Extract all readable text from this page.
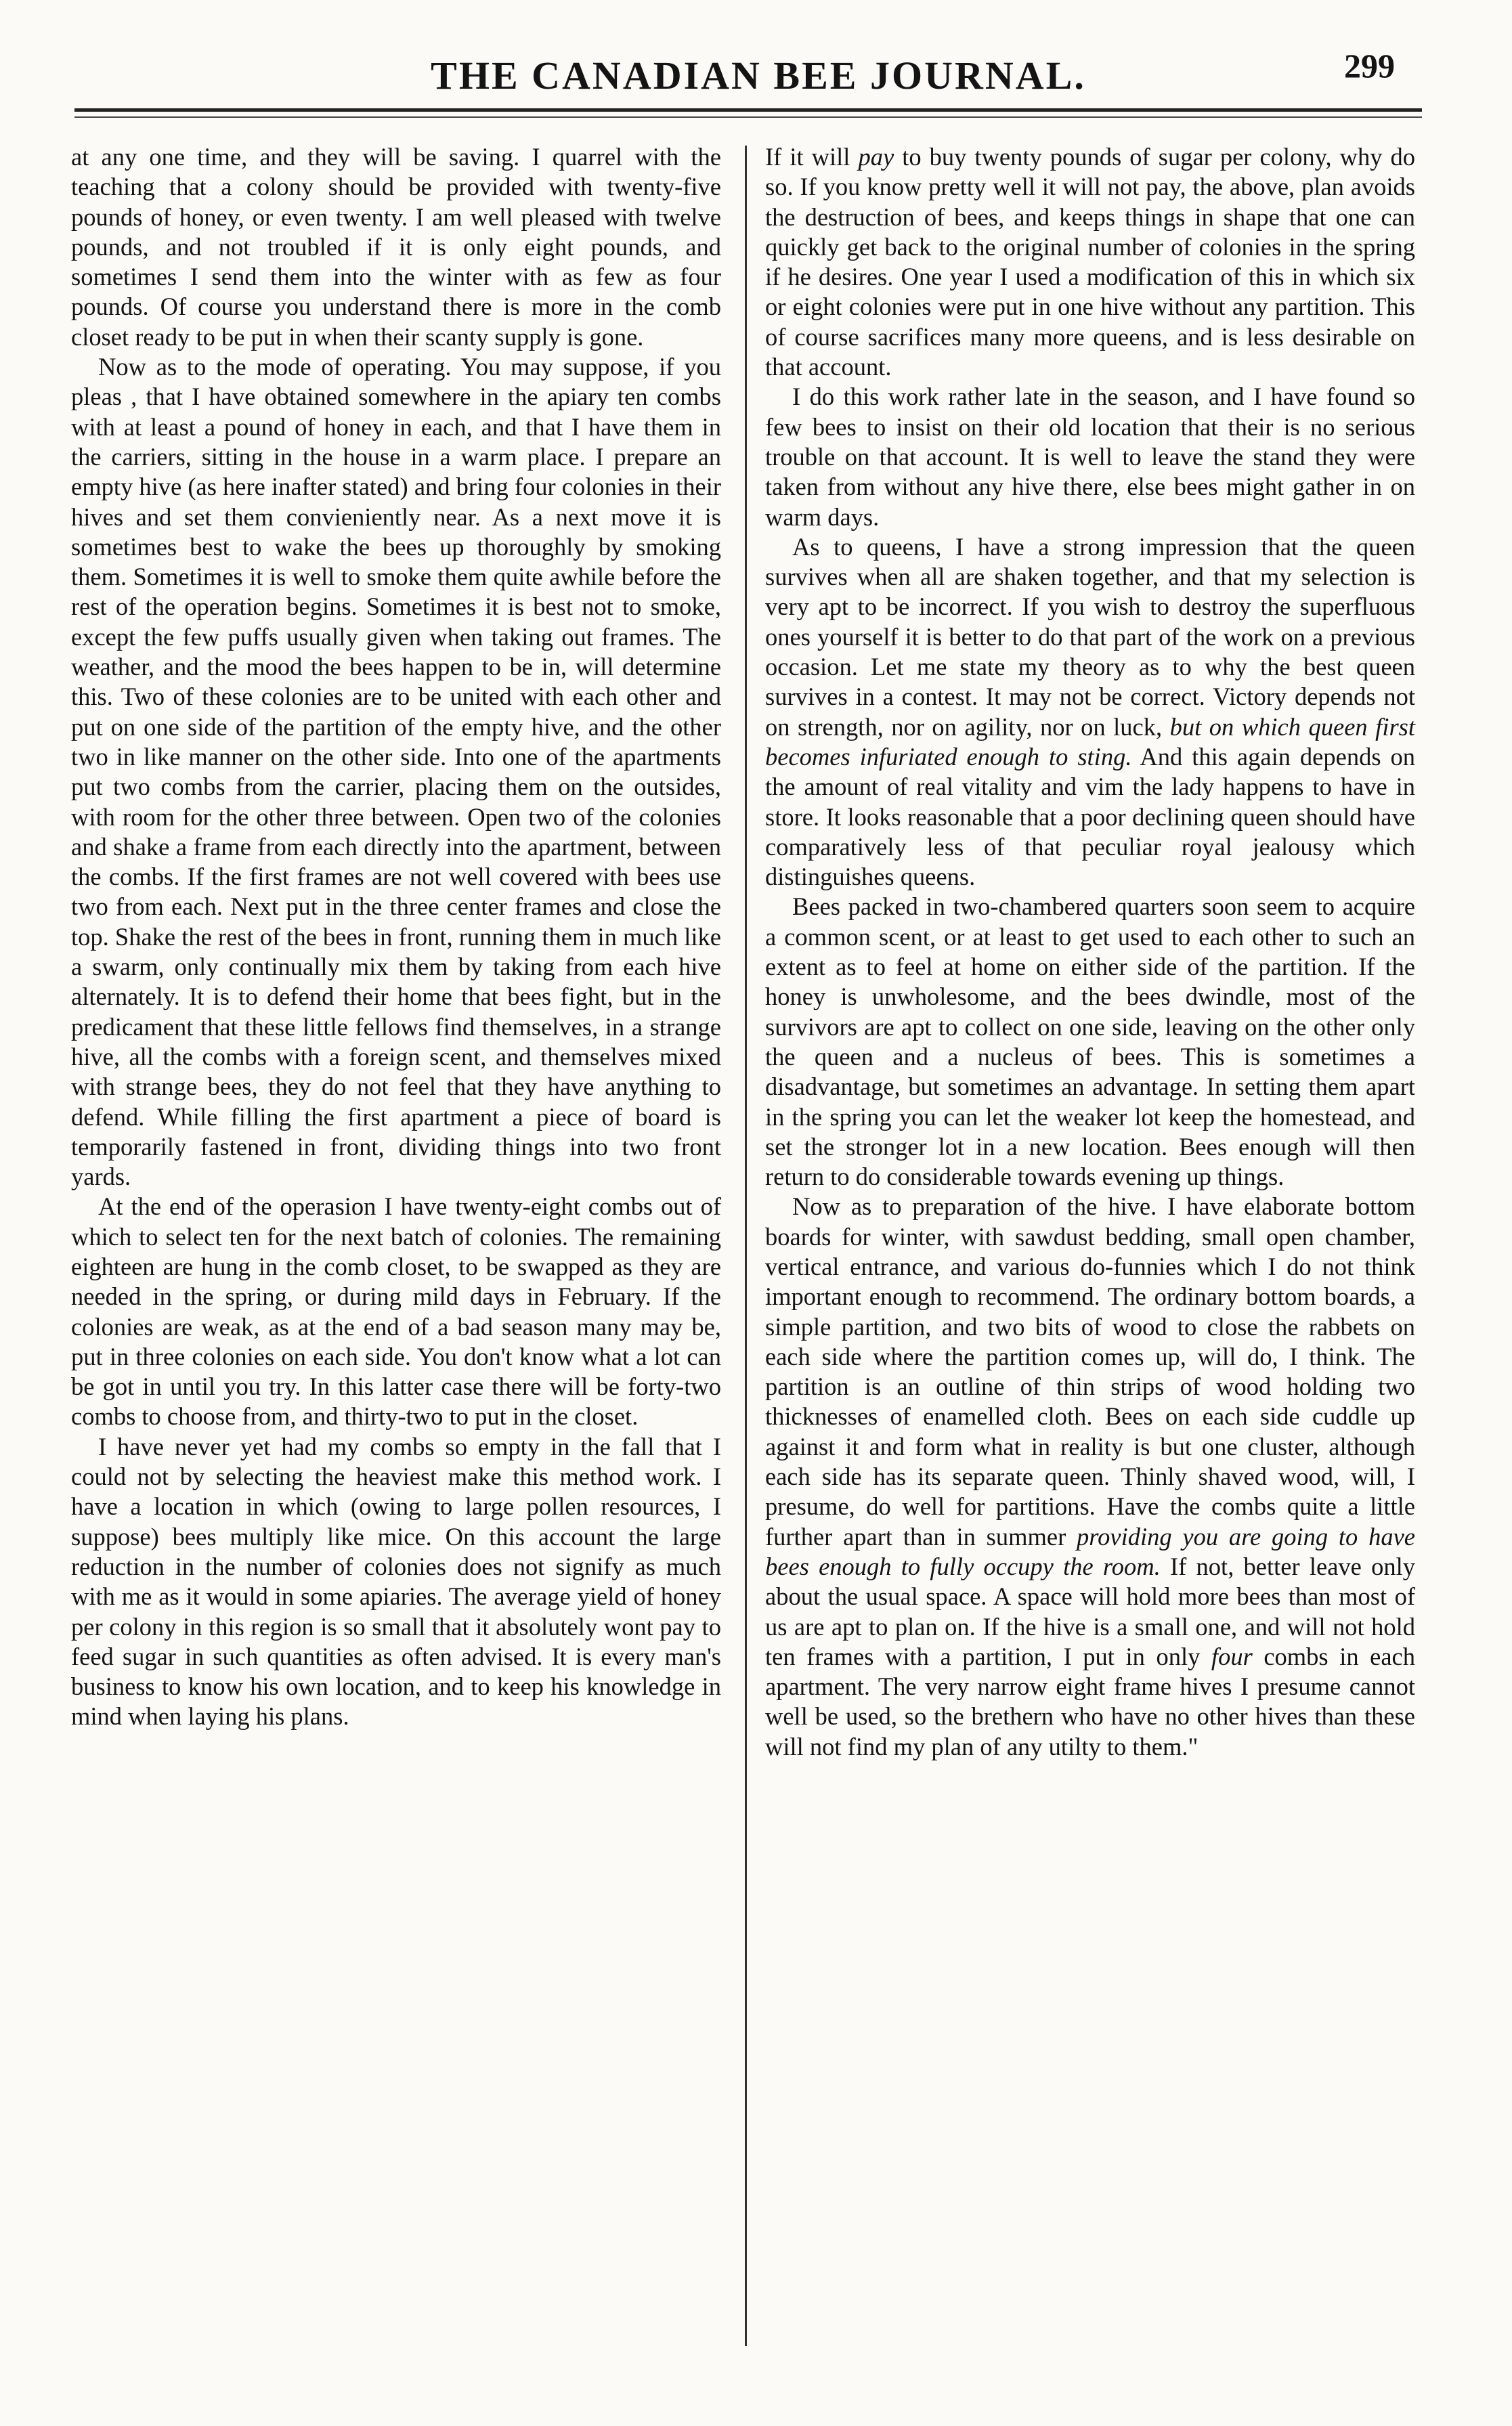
THE CANADIAN BEE JOURNAL.	299

at any one time, and they will be saving. I quarrel with the teaching that a colony should be provided with twenty-five pounds of honey, or even twenty. I am well pleased with twelve pounds, and not troubled if it is only eight pounds, and sometimes I send them into the winter with as few as four pounds. Of course you understand there is more in the comb closet ready to be put in when their scanty supply is gone.

Now as to the mode of operating. You may suppose, if you pleas , that I have obtained somewhere in the apiary ten combs with at least a pound of honey in each, and that I have them in the carriers, sitting in the house in a warm place. I prepare an empty hive (as here inafter stated) and bring four colonies in their hives and set them convieniently near. As a next move it is sometimes best to wake the bees up thoroughly by smoking them. Sometimes it is well to smoke them quite awhile before the rest of the operation begins. Sometimes it is best not to smoke, except the few puffs usually given when taking out frames. The weather, and the mood the bees happen to be in, will determine this. Two of these colonies are to be united with each other and put on one side of the partition of the empty hive, and the other two in like manner on the other side. Into one of the apartments put two combs from the carrier, placing them on the outsides, with room for the other three between. Open two of the colonies and shake a frame from each directly into the apartment, between the combs. If the first frames are not well covered with bees use two from each. Next put in the three center frames and close the top. Shake the rest of the bees in front, running them in much like a swarm, only continually mix them by taking from each hive alternately. It is to defend their home that bees fight, but in the predicament that these little fellows find themselves, in a strange hive, all the combs with a foreign scent, and themselves mixed with strange bees, they do not feel that they have anything to defend. While filling the first apartment a piece of board is temporarily fastened in front, dividing things into two front yards.

At the end of the operasion I have twenty-eight combs out of which to select ten for the next batch of colonies. The remaining eighteen are hung in the comb closet, to be swapped as they are needed in the spring, or during mild days in February. If the colonies are weak, as at the end of a bad season many may be, put in three colonies on each side. You don't know what a lot can be got in until you try. In this latter case there will be forty-two combs to choose from, and thirty-two to put in the closet.

I have never yet had my combs so empty in the fall that I could not by selecting the heaviest make this method work. I have a location in which (owing to large pollen resources, I suppose) bees multiply like mice. On this account the large reduction in the number of colonies does not signify as much with me as it would in some apiaries. The average yield of honey per colony in this region is so small that it absolutely wont pay to feed sugar in such quantities as often advised. It is every man's business to know his own location, and to keep his knowledge in mind when laying his plans.

If it will pay to buy twenty pounds of sugar per colony, why do so. If you know pretty well it will not pay, the above, plan avoids the destruction of bees, and keeps things in shape that one can quickly get back to the original number of colonies in the spring if he desires. One year I used a modification of this in which six or eight colonies were put in one hive without any partition. This of course sacrifices many more queens, and is less desirable on that account.

I do this work rather late in the season, and I have found so few bees to insist on their old location that their is no serious trouble on that account. It is well to leave the stand they were taken from without any hive there, else bees might gather in on warm days.

As to queens, I have a strong impression that the queen survives when all are shaken together, and that my selection is very apt to be incorrect. If you wish to destroy the superfluous ones yourself it is better to do that part of the work on a previous occasion. Let me state my theory as to why the best queen survives in a contest. It may not be correct. Victory depends not on strength, nor on agility, nor on luck, but on which queen first becomes infuriated enough to sting. And this again depends on the amount of real vitality and vim the lady happens to have in store. It looks reasonable that a poor declining queen should have comparatively less of that peculiar royal jealousy which distinguishes queens.

Bees packed in two-chambered quarters soon seem to acquire a common scent, or at least to get used to each other to such an extent as to feel at home on either side of the partition. If the honey is unwholesome, and the bees dwindle, most of the survivors are apt to collect on one side, leaving on the other only the queen and a nucleus of bees. This is sometimes a disadvantage, but sometimes an advantage. In setting them apart in the spring you can let the weaker lot keep the homestead, and set the stronger lot in a new location. Bees enough will then return to do considerable towards evening up things.

Now as to preparation of the hive. I have elaborate bottom boards for winter, with sawdust bedding, small open chamber, vertical entrance, and various do-funnies which I do not think important enough to recommend. The ordinary bottom boards, a simple partition, and two bits of wood to close the rabbets on each side where the partition comes up, will do, I think. The partition is an outline of thin strips of wood holding two thicknesses of enamelled cloth. Bees on each side cuddle up against it and form what in reality is but one cluster, although each side has its separate queen. Thinly shaved wood, will, I presume, do well for partitions. Have the combs quite a little further apart than in summer providing you are going to have bees enough to fully occupy the room. If not, better leave only about the usual space. A space will hold more bees than most of us are apt to plan on. If the hive is a small one, and will not hold ten frames with a partition, I put in only four combs in each apartment. The very narrow eight frame hives I presume cannot well be used, so the brethern who have no other hives than these will not find my plan of any utilty to them."
